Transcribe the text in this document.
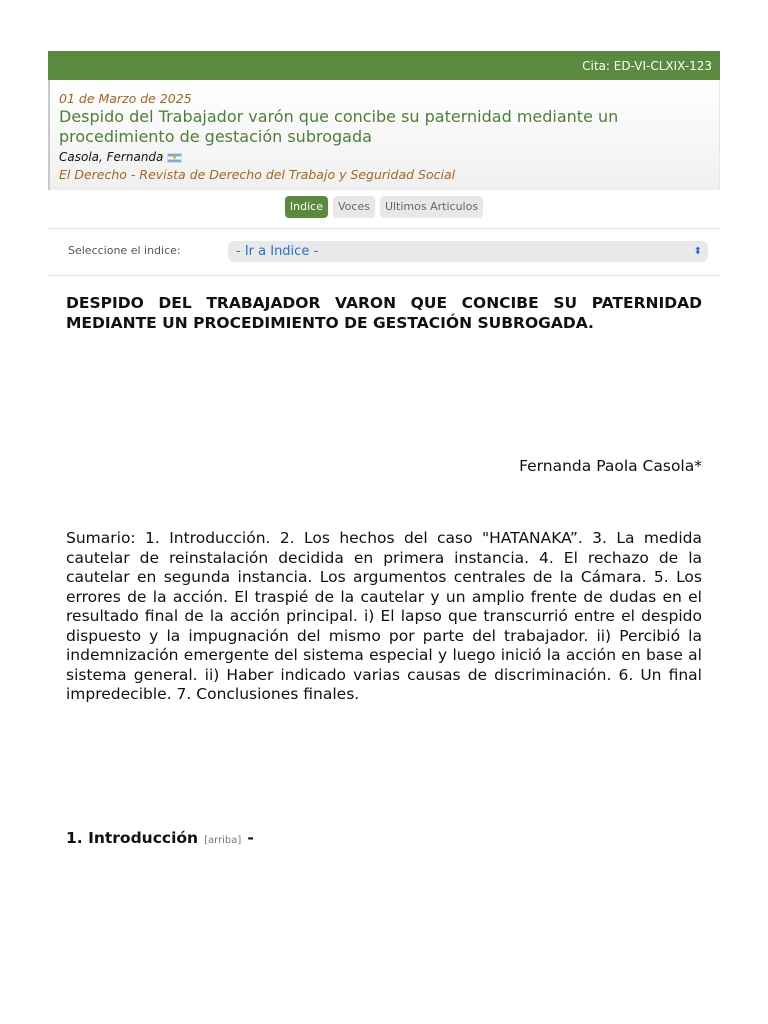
Cita: ED-VI-CLXIX-123
01 de Marzo de 2025
Despido del Trabajador varón que concibe su paternidad mediante un procedimiento de gestación subrogada
Casola, Fernanda
El Derecho - Revista de Derecho del Trabajo y Seguridad Social
Indice	Voces	Ultimos Articulos
Seleccione el indice:	- Ir a Indice -	⬍
DESPIDO DEL TRABAJADOR VARON QUE CONCIBE SU PATERNIDAD MEDIANTE UN PROCEDIMIENTO DE GESTACIÓN SUBROGADA.
Fernanda Paola Casola*
Sumario: 1. Introducción. 2. Los hechos del caso "HATANAKA”. 3. La medida cautelar de reinstalación decidida en primera instancia. 4. El rechazo de la cautelar en segunda instancia. Los argumentos centrales de la Cámara. 5. Los errores de la acción. El traspié de la cautelar y un amplio frente de dudas en el resultado final de la acción principal. i) El lapso que transcurrió entre el despido dispuesto y la impugnación del mismo por parte del trabajador. ii) Percibió la indemnización emergente del sistema especial y luego inició la acción en base al sistema general. ii) Haber indicado varias causas de discriminación. 6. Un final impredecible. 7. Conclusiones finales.
1. Introducción [arriba] -
